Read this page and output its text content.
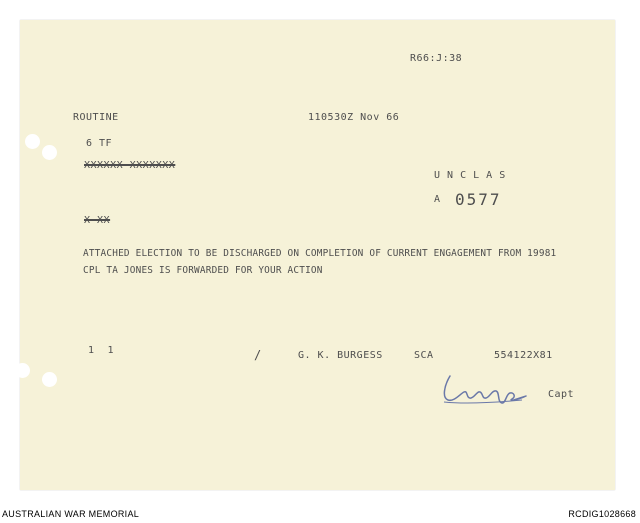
R66:J:38
ROUTINE	110530Z Nov 66
6 TF
XXXXXX XXXXXXX
U N C L A S
A 0577
X XX
ATTACHED ELECTION TO BE DISCHARGED ON COMPLETION OF CURRENT ENGAGEMENT FROM 19981
CPL TA JONES IS FORWARDED FOR YOUR ACTION
1  1	/	G. K. BURGESS	SCA	554122X81
Capt
AUSTRALIAN WAR MEMORIAL	RCDIG1028668
